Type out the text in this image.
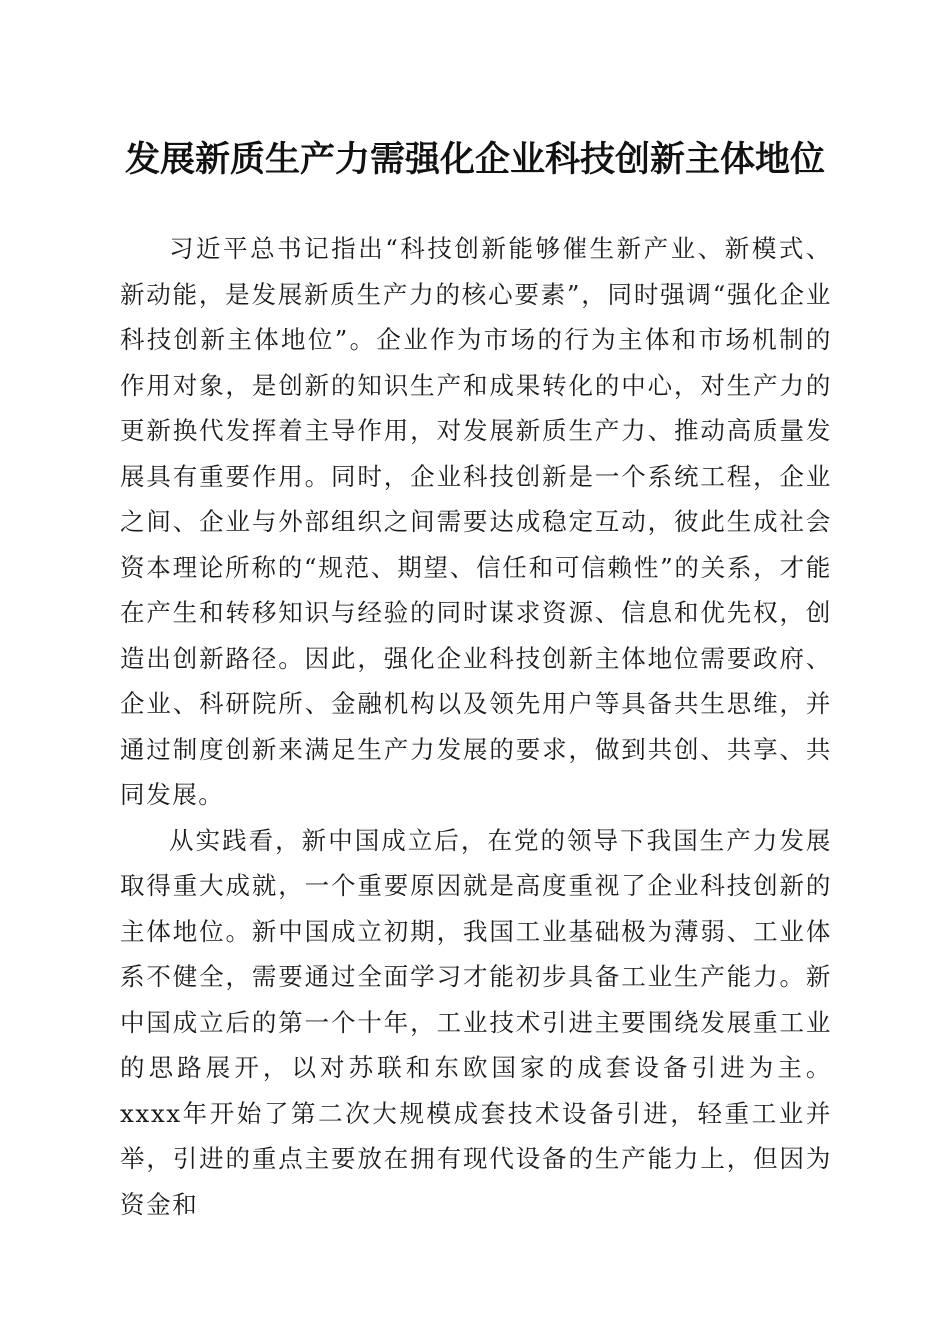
发展新质生产力需强化企业科技创新主体地位

习近平总书记指出“科技创新能够催生新产业、新模式、新动能，是发展新质生产力的核心要素”，同时强调“强化企业科技创新主体地位”。企业作为市场的行为主体和市场机制的作用对象，是创新的知识生产和成果转化的中心，对生产力的更新换代发挥着主导作用，对发展新质生产力、推动高质量发展具有重要作用。同时，企业科技创新是一个系统工程，企业之间、企业与外部组织之间需要达成稳定互动，彼此生成社会资本理论所称的“规范、期望、信任和可信赖性”的关系，才能在产生和转移知识与经验的同时谋求资源、信息和优先权，创造出创新路径。因此，强化企业科技创新主体地位需要政府、企业、科研院所、金融机构以及领先用户等具备共生思维，并通过制度创新来满足生产力发展的要求，做到共创、共享、共同发展。

从实践看，新中国成立后，在党的领导下我国生产力发展取得重大成就，一个重要原因就是高度重视了企业科技创新的主体地位。新中国成立初期，我国工业基础极为薄弱、工业体系不健全，需要通过全面学习才能初步具备工业生产能力。新中国成立后的第一个十年，工业技术引进主要围绕发展重工业的思路展开，以对苏联和东欧国家的成套设备引进为主。xxxx年开始了第二次大规模成套技术设备引进，轻重工业并举，引进的重点主要放在拥有现代设备的生产能力上，但因为资金和
